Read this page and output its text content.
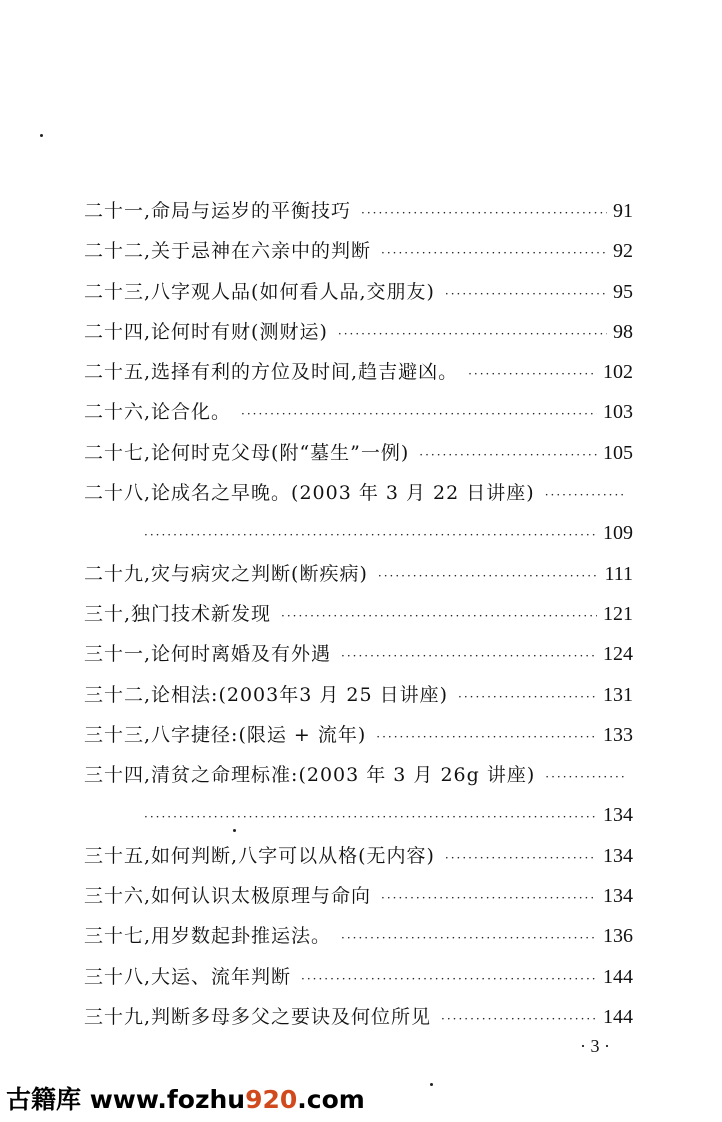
二十一,命局与运岁的平衡技巧 ·····	91
二十二,关于忌神在六亲中的判断 ·····	92
二十三,八字观人品(如何看人品,交朋友) ·····	95
二十四,论何时有财(测财运) ·····	98
二十五,选择有利的方位及时间,趋吉避凶。 ·····	102
二十六,论合化。 ·····	103
二十七,论何时克父母(附“墓生”一例) ·····	105
二十八,论成名之早晚。(2003 年 3 月 22 日讲座)
·····
·····
109
二十九,灾与病灾之判断(断疾病) ·····	111
三十,独门技术新发现 ·····	121
三十一,论何时离婚及有外遇 ·····	124
三十二,论相法:(2003年3 月 25 日讲座) ·····	131
三十三,八字捷径:(限运 + 流年) ·····	133
三十四,清贫之命理标准:(2003 年 3 月 26g 讲座)
·····
·····
134
三十五,如何判断,八字可以从格(无内容) ·····	134
三十六,如何认识太极原理与命向 ·····	134
三十七,用岁数起卦推运法。 ·····	136
三十八,大运、流年判断 ·····	144
三十九,判断多母多父之要诀及何位所见 ·····	144
· 3 ·
古籍库 www.fozhu920.com
